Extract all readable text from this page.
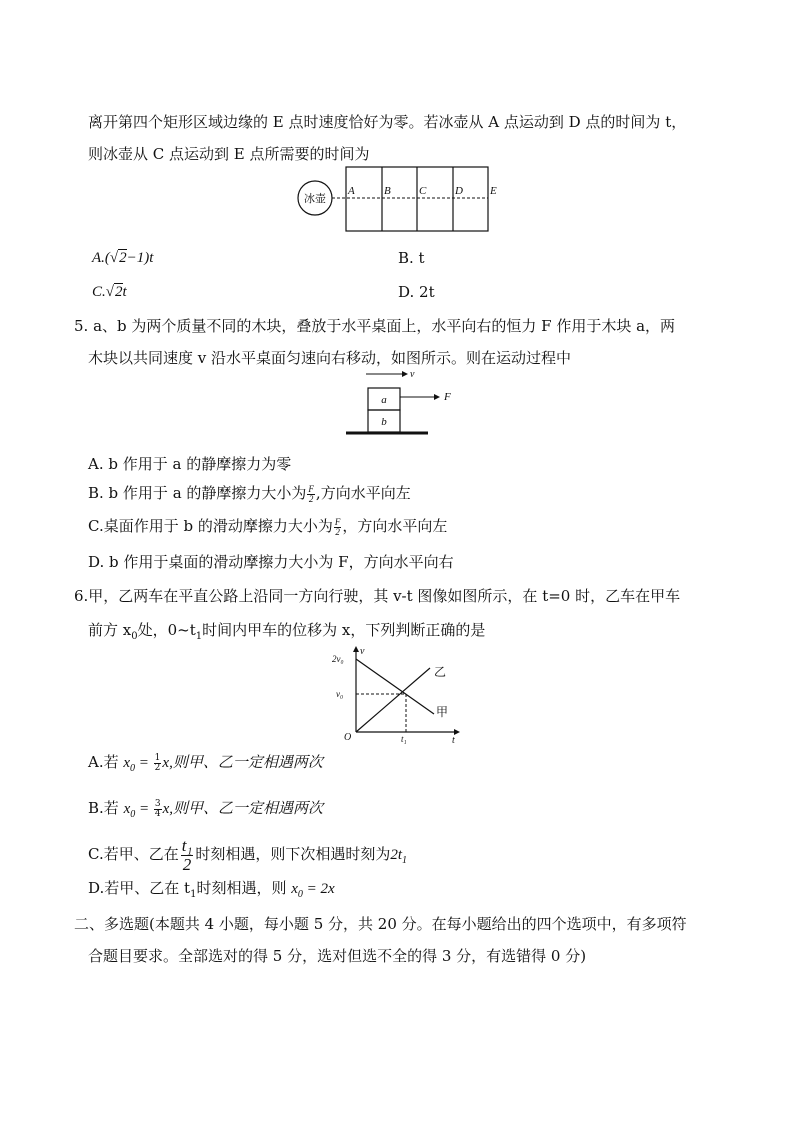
离开第四个矩形区域边缘的 E 点时速度恰好为零。若冰壶从 A 点运动到 D 点的时间为 t，
则冰壶从 C 点运动到 E 点所需要的时间为
冰壶
A	B	C	D E
A.(√2−1)t	B. t
C.√2t	D. 2t
5. a、b 为两个质量不同的木块，叠放于水平桌面上，水平向右的恒力 F 作用于木块 a，两
木块以共同速度 v 沿水平桌面匀速向右移动，如图所示。则在运动过程中
v
a
b
F
A. b 作用于 a 的静摩擦力为零
B. b 作用于 a 的静摩擦力大小为 $\frac{F}{2}$ ,方向水平向左
C.桌面作用于 b 的滑动摩擦力大小为 $\frac{F}{2}$ ，方向水平向左
D. b 作用于桌面的滑动摩擦力大小为 F，方向水平向右
6.甲，乙两车在平直公路上沿同一方向行驶，其 v-t 图像如图所示，在 t=0 时，乙车在甲车
前方 $x_0$处，$0\sim t_1$时间内甲车的位移为 x，下列判断正确的是
v
t
2v₀
v₀
t₁
O
乙
甲
A.若 $x_0 = \frac{1}{2} x$,则甲、乙一定相遇两次
B.若 $x_0 = \frac{3}{4} x$,则甲、乙一定相遇两次
C.若甲、乙在 $\frac{\text{t₁}}{2}$ 时刻相遇，则下次相遇时刻为$2t_1$
D.若甲、乙在 $t_1$时刻相遇，则 $x_0 = 2x$
二、多选题(本题共 4 小题，每小题 5 分，共 20 分。在每小题给出的四个选项中，有多项符
合题目要求。全部选对的得 5 分，选对但选不全的得 3 分，有选错得 0 分)
